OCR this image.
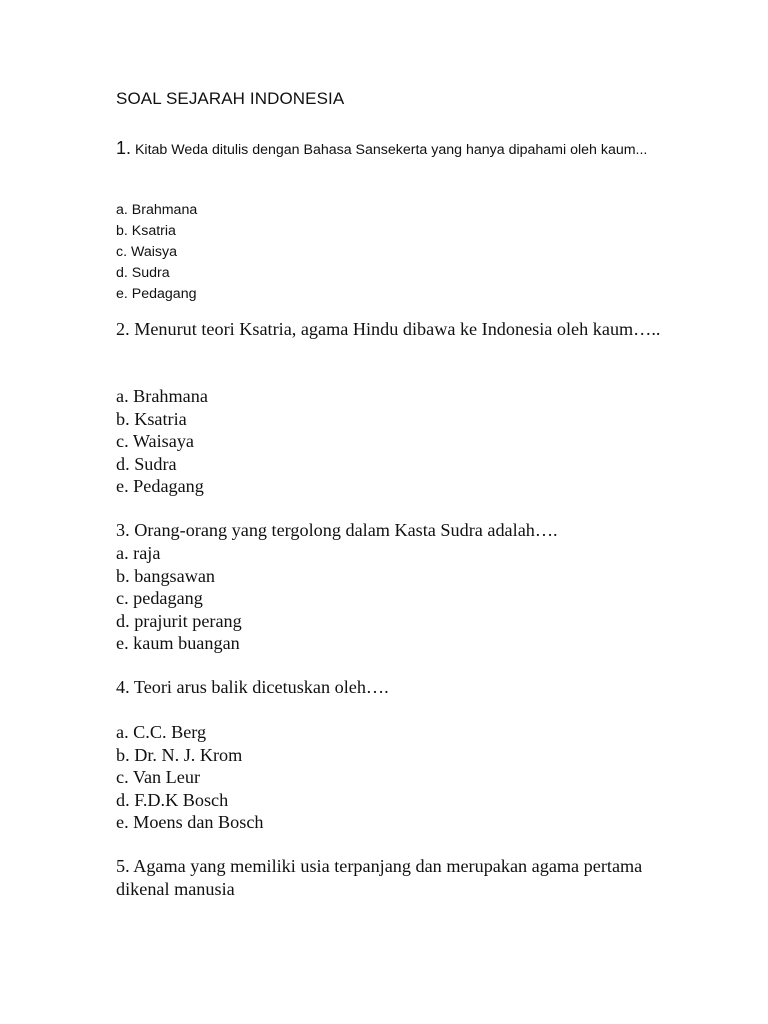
SOAL SEJARAH INDONESIA
1. Kitab Weda ditulis dengan Bahasa Sansekerta yang hanya dipahami oleh kaum...
a. Brahmana
b. Ksatria
c. Waisya
d. Sudra
e. Pedagang
2. Menurut teori Ksatria, agama Hindu dibawa ke Indonesia oleh kaum…..
a. Brahmana
b. Ksatria
c. Waisaya
d. Sudra
e. Pedagang
3. Orang-orang yang tergolong dalam Kasta Sudra adalah….
a. raja
b. bangsawan
c. pedagang
d. prajurit perang
e. kaum buangan
4. Teori arus balik dicetuskan oleh….
a. C.C. Berg
b. Dr. N. J. Krom
c. Van Leur
d. F.D.K Bosch
e. Moens dan Bosch
5. Agama yang memiliki usia terpanjang dan merupakan agama pertama dikenal manusia
